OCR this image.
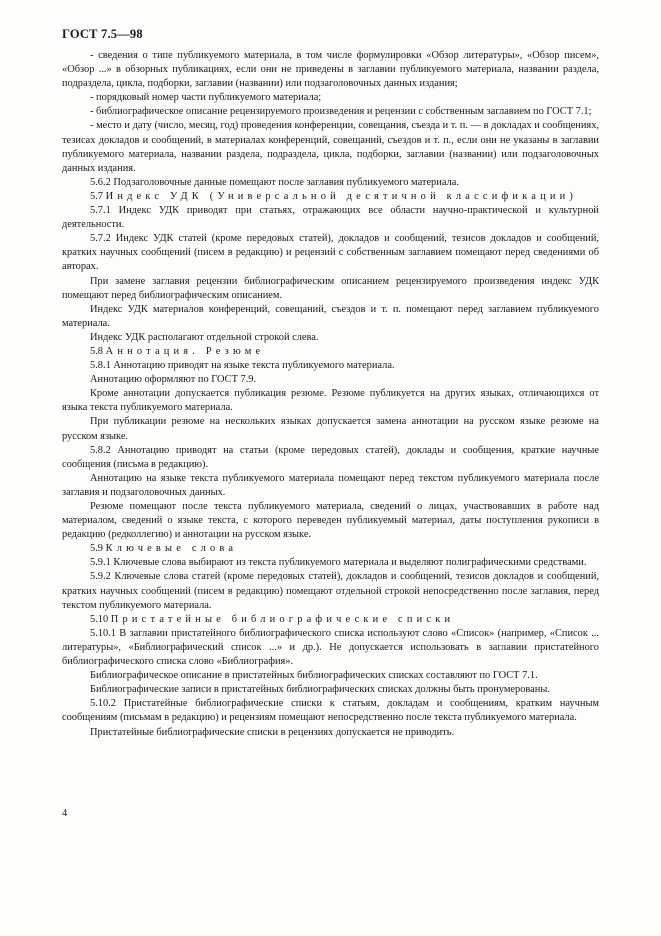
ГОСТ 7.5—98

- сведения о типе публикуемого материала, в том числе формулировки «Обзор литературы», «Обзор писем», «Обзор ...» в обзорных публикациях, если они не приведены в заглавии публикуемого материала, названии раздела, подраздела, цикла, подборки, заглавии (названии) или подзаголовочных данных издания;

- порядковый номер части публикуемого материала;

- библиографическое описание рецензируемого произведения и рецензии с собственным заглавием по ГОСТ 7.1;

- место и дату (число, месяц, год) проведения конференции, совещания, съезда и т. п. — в докладах и сообщениях, тезисах докладов и сообщений, в материалах конференций, совещаний, съездов и т. п., если они не указаны в заглавии публикуемого материала, названии раздела, подраздела, цикла, подборки, заглавии (названии) или подзаголовочных данных издания.

5.6.2 Подзаголовочные данные помещают после заглавия публикуемого материала.

5.7 Индекс УДК (Универсальной десятичной классификации)

5.7.1 Индекс УДК приводят при статьях, отражающих все области научно-практической и культурной деятельности.

5.7.2 Индекс УДК статей (кроме передовых статей), докладов и сообщений, тезисов докладов и сообщений, кратких научных сообщений (писем в редакцию) и рецензий с собственным заглавием помещают перед сведениями об авторах.

При замене заглавия рецензии библиографическим описанием рецензируемого произведения индекс УДК помещают перед библиографическим описанием.

Индекс УДК материалов конференций, совещаний, съездов и т. п. помещают перед заглавием публикуемого материала.

Индекс УДК располагают отдельной строкой слева.

5.8 Аннотация. Резюме

5.8.1 Аннотацию приводят на языке текста публикуемого материала.

Аннотацию оформляют по ГОСТ 7.9.

Кроме аннотации допускается публикация резюме. Резюме публикуется на других языках, отличающихся от языка текста публикуемого материала.

При публикации резюме на нескольких языках допускается замена аннотации на русском языке резюме на русском языке.

5.8.2 Аннотацию приводят на статьи (кроме передовых статей), доклады и сообщения, краткие научные сообщения (письма в редакцию).

Аннотацию на языке текста публикуемого материала помещают перед текстом публикуемого материала после заглавия и подзаголовочных данных.

Резюме помещают после текста публикуемого материала, сведений о лицах, участвовавших в работе над материалом, сведений о языке текста, с которого переведен публикуемый материал, даты поступления рукописи в редакцию (редколлегию) и аннотации на русском языке.

5.9 Ключевые слова

5.9.1 Ключевые слова выбирают из текста публикуемого материала и выделяют полиграфическими средствами.

5.9.2 Ключевые слова статей (кроме передовых статей), докладов и сообщений, тезисов докладов и сообщений, кратких научных сообщений (писем в редакцию) помещают отдельной строкой непосредственно после заглавия, перед текстом публикуемого материала.

5.10 Пристатейные библиографические списки

5.10.1 В заглавии пристатейного библиографического списка используют слово «Список» (например, «Список ... литературы», «Библиографический список ...» и др.). Не допускается использовать в заглавии пристатейного библиографического списка слово «Библиография».

Библиографическое описание в пристатейных библиографических списках составляют по ГОСТ 7.1.

Библиографические записи в пристатейных библиографических списках должны быть пронумерованы.

5.10.2 Пристатейные библиографические списки к статьям, докладам и сообщениям, кратким научным сообщениям (письмам в редакцию) и рецензиям помещают непосредственно после текста публикуемого материала.

Пристатейные библиографические списки в рецензиях допускается не приводить.

4
